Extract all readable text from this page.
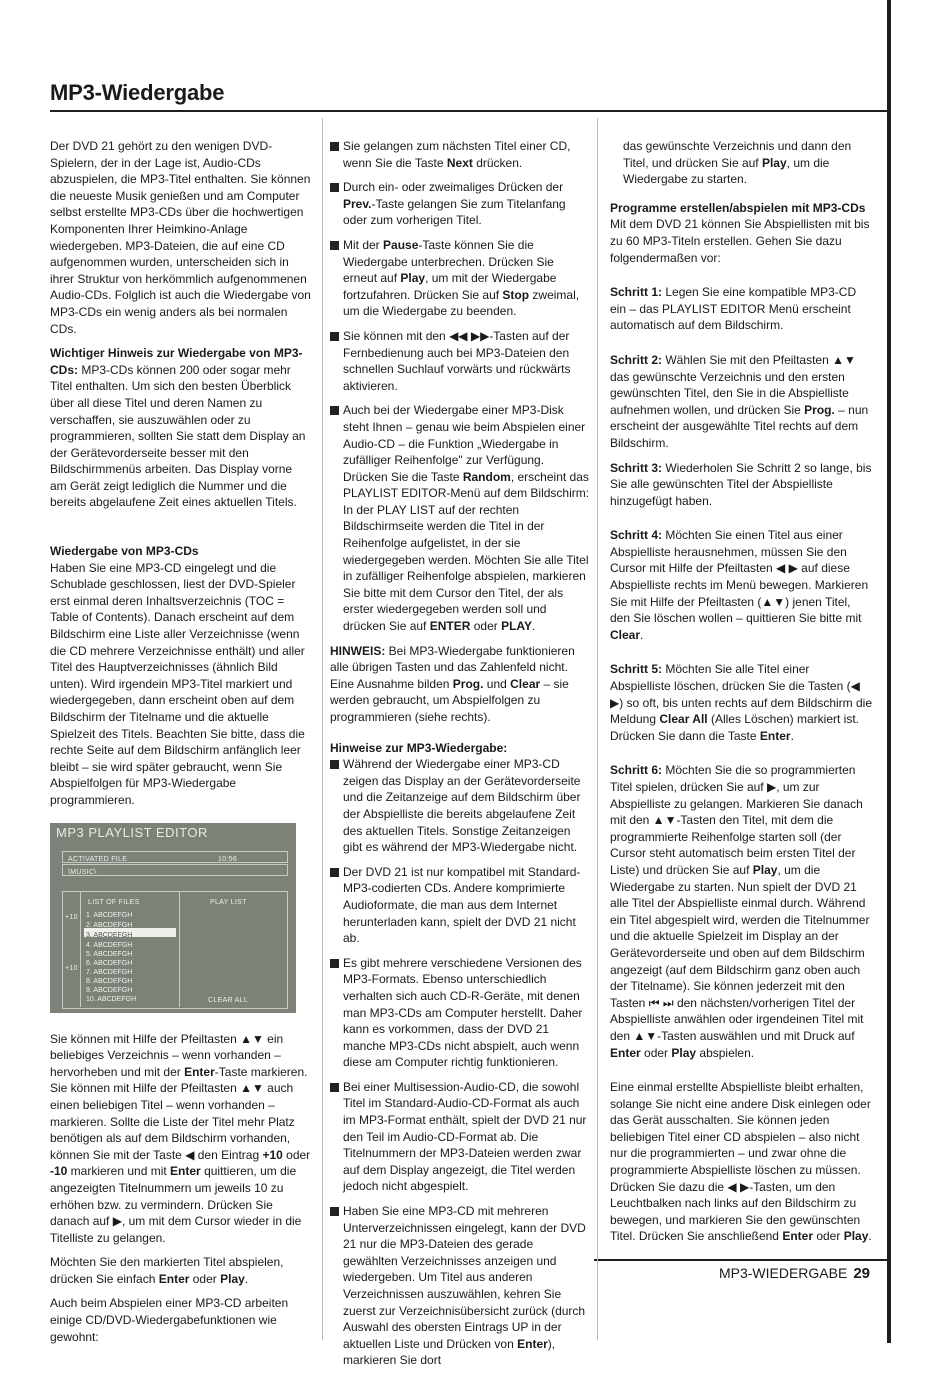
MP3-Wiedergabe

Der DVD 21 gehört zu den wenigen DVD-Spielern, der in der Lage ist, Audio-CDs abzuspielen, die MP3-Titel enthalten. Sie können die neueste Musik genießen und am Computer selbst erstellte MP3-CDs über die hochwertigen Komponenten Ihrer Heimkino-Anlage wiedergeben. MP3-Dateien, die auf eine CD aufgenommen wurden, unterscheiden sich in ihrer Struktur von herkömmlich aufgenommenen Audio-CDs. Folglich ist auch die Wiedergabe von MP3-CDs ein wenig anders als bei normalen CDs.

Wichtiger Hinweis zur Wiedergabe von MP3-CDs: MP3-CDs können 200 oder sogar mehr Titel enthalten. Um sich den besten Überblick über all diese Titel und deren Namen zu verschaffen, sie auszuwählen oder zu programmieren, sollten Sie statt dem Display an der Gerätevorderseite besser mit den Bildschirmmenüs arbeiten. Das Display vorne am Gerät zeigt lediglich die Nummer und die bereits abgelaufene Zeit eines aktuellen Titels.

Wiedergabe von MP3-CDs

Haben Sie eine MP3-CD eingelegt und die Schublade geschlossen, liest der DVD-Spieler erst einmal deren Inhaltsverzeichnis (TOC = Table of Contents). Danach erscheint auf dem Bildschirm eine Liste aller Verzeichnisse (wenn die CD mehrere Verzeichnisse enthält) und aller Titel des Hauptverzeichnisses (ähnlich Bild unten). Wird irgendein MP3-Titel markiert und wiedergegeben, dann erscheint oben auf dem Bildschirm der Titelname und die aktuelle Spielzeit des Titels. Beachten Sie bitte, dass die rechte Seite auf dem Bildschirm anfänglich leer bleibt – sie wird später gebraucht, wenn Sie Abspielfolgen für MP3-Wiedergabe programmieren.

MP3 PLAYLIST EDITOR
ACTIVATED FILE	10:56
\MUSIC\
LIST OF FILES	PLAY LIST
+10
+10
1. ABCDEFGH
2. ABCDEFGH
3. ABCDEFGH
4. ABCDEFGH
5. ABCDEFGH
6. ABCDEFGH
7. ABCDEFGH
8. ABCDEFGH
9. ABCDEFGH
10. ABCDEFGH	CLEAR ALL

Sie können mit Hilfe der Pfeiltasten ▲▼ ein beliebiges Verzeichnis – wenn vorhanden – hervorheben und mit der Enter-Taste markieren. Sie können mit Hilfe der Pfeiltasten ▲▼ auch einen beliebigen Titel – wenn vorhanden – markieren. Sollte die Liste der Titel mehr Platz benötigen als auf dem Bildschirm vorhanden, können Sie mit der Taste ◀ den Eintrag +10 oder -10 markieren und mit Enter quittieren, um die angezeigten Titelnummern um jeweils 10 zu erhöhen bzw. zu vermindern. Drücken Sie danach auf ▶, um mit dem Cursor wieder in die Titelliste zu gelangen.

Möchten Sie den markierten Titel abspielen, drücken Sie einfach Enter oder Play.

Auch beim Abspielen einer MP3-CD arbeiten einige CD/DVD-Wiedergabefunktionen wie gewohnt:

Sie gelangen zum nächsten Titel einer CD, wenn Sie die Taste Next drücken.

Durch ein- oder zweimaliges Drücken der Prev.-Taste gelangen Sie zum Titelanfang oder zum vorherigen Titel.

Mit der Pause-Taste können Sie die Wiedergabe unterbrechen. Drücken Sie erneut auf Play, um mit der Wiedergabe fortzufahren. Drücken Sie auf Stop zweimal, um die Wiedergabe zu beenden.

Sie können mit den ◀◀ ▶▶-Tasten auf der Fernbedienung auch bei MP3-Dateien den schnellen Suchlauf vorwärts und rückwärts aktivieren.

Auch bei der Wiedergabe einer MP3-Disk steht Ihnen – genau wie beim Abspielen einer Audio-CD – die Funktion „Wiedergabe in zufälliger Reihenfolge" zur Verfügung. Drücken Sie die Taste Random, erscheint das PLAYLIST EDITOR-Menü auf dem Bildschirm: In der PLAY LIST auf der rechten Bildschirmseite werden die Titel in der Reihenfolge aufgelistet, in der sie wiedergegeben werden. Möchten Sie alle Titel in zufälliger Reihenfolge abspielen, markieren Sie bitte mit dem Cursor den Titel, der als erster wiedergegeben werden soll und drücken Sie auf ENTER oder PLAY.

HINWEIS: Bei MP3-Wiedergabe funktionieren alle übrigen Tasten und das Zahlenfeld nicht. Eine Ausnahme bilden Prog. und Clear – sie werden gebraucht, um Abspielfolgen zu programmieren (siehe rechts).

Hinweise zur MP3-Wiedergabe:

Während der Wiedergabe einer MP3-CD zeigen das Display an der Gerätevorderseite und die Zeitanzeige auf dem Bildschirm über der Abspielliste die bereits abgelaufene Zeit des aktuellen Titels. Sonstige Zeitanzeigen gibt es während der MP3-Wiedergabe nicht.

Der DVD 21 ist nur kompatibel mit Standard-MP3-codierten CDs. Andere komprimierte Audioformate, die man aus dem Internet herunterladen kann, spielt der DVD 21 nicht ab.

Es gibt mehrere verschiedene Versionen des MP3-Formats. Ebenso unterschiedlich verhalten sich auch CD-R-Geräte, mit denen man MP3-CDs am Computer herstellt. Daher kann es vorkommen, dass der DVD 21 manche MP3-CDs nicht abspielt, auch wenn diese am Computer richtig funktionieren.

Bei einer Multisession-Audio-CD, die sowohl Titel im Standard-Audio-CD-Format als auch im MP3-Format enthält, spielt der DVD 21 nur den Teil im Audio-CD-Format ab. Die Titelnummern der MP3-Dateien werden zwar auf dem Display angezeigt, die Titel werden jedoch nicht abgespielt.

Haben Sie eine MP3-CD mit mehreren Unterverzeichnissen eingelegt, kann der DVD 21 nur die MP3-Dateien des gerade gewählten Verzeichnisses anzeigen und wiedergeben. Um Titel aus anderen Verzeichnissen auszuwählen, kehren Sie zuerst zur Verzeichnisübersicht zurück (durch Auswahl des obersten Eintrags UP in der aktuellen Liste und Drücken von Enter), markieren Sie dort

das gewünschte Verzeichnis und dann den Titel, und drücken Sie auf Play, um die Wiedergabe zu starten.

Programme erstellen/abspielen mit MP3-CDs

Mit dem DVD 21 können Sie Abspiellisten mit bis zu 60 MP3-Titeln erstellen. Gehen Sie dazu folgendermaßen vor:

Schritt 1: Legen Sie eine kompatible MP3-CD ein – das PLAYLIST EDITOR Menü erscheint automatisch auf dem Bildschirm.

Schritt 2: Wählen Sie mit den Pfeiltasten ▲▼ das gewünschte Verzeichnis und den ersten gewünschten Titel, den Sie in die Abspielliste aufnehmen wollen, und drücken Sie Prog. – nun erscheint der ausgewählte Titel rechts auf dem Bildschirm.

Schritt 3: Wiederholen Sie Schritt 2 so lange, bis Sie alle gewünschten Titel der Abspielliste hinzugefügt haben.

Schritt 4: Möchten Sie einen Titel aus einer Abspielliste herausnehmen, müssen Sie den Cursor mit Hilfe der Pfeiltasten ◀ ▶ auf diese Abspielliste rechts im Menü bewegen. Markieren Sie mit Hilfe der Pfeiltasten (▲▼) jenen Titel, den Sie löschen wollen – quittieren Sie bitte mit Clear.

Schritt 5: Möchten Sie alle Titel einer Abspielliste löschen, drücken Sie die Tasten (◀ ▶) so oft, bis unten rechts auf dem Bildschirm die Meldung Clear All (Alles Löschen) markiert ist. Drücken Sie dann die Taste Enter.

Schritt 6: Möchten Sie die so programmierten Titel spielen, drücken Sie auf ▶, um zur Abspielliste zu gelangen. Markieren Sie danach mit den ▲▼-Tasten den Titel, mit dem die programmierte Reihenfolge starten soll (der Cursor steht automatisch beim ersten Titel der Liste) und drücken Sie auf Play, um die Wiedergabe zu starten. Nun spielt der DVD 21 alle Titel der Abspielliste einmal durch. Während ein Titel abgespielt wird, werden die Titelnummer und die aktuelle Spielzeit im Display an der Gerätevorderseite und oben auf dem Bildschirm angezeigt (auf dem Bildschirm ganz oben auch der Titelname). Sie können jederzeit mit den Tasten ⏮ ⏭ den nächsten/vorherigen Titel der Abspielliste anwählen oder irgendeinen Titel mit den ▲▼-Tasten auswählen und mit Druck auf Enter oder Play abspielen.

Eine einmal erstellte Abspielliste bleibt erhalten, solange Sie nicht eine andere Disk einlegen oder das Gerät ausschalten. Sie können jeden beliebigen Titel einer CD abspielen – also nicht nur die programmierten – und zwar ohne die programmierte Abspielliste löschen zu müssen. Drücken Sie dazu die ◀ ▶-Tasten, um den Leuchtbalken nach links auf den Bildschirm zu bewegen, und markieren Sie den gewünschten Titel. Drücken Sie anschließend Enter oder Play.

MP3-WIEDERGABE 29
